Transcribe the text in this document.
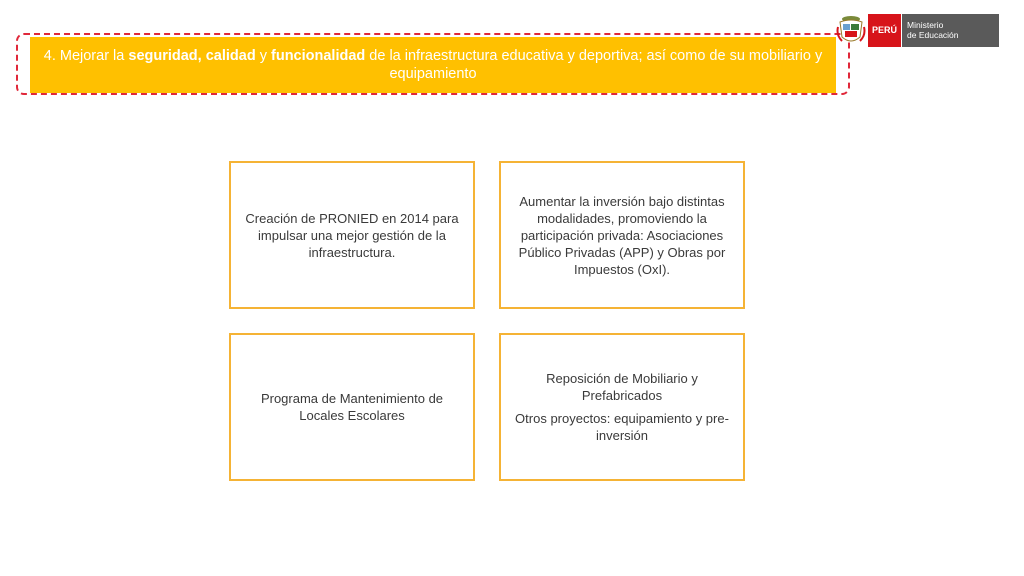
4. Mejorar la seguridad, calidad y funcionalidad de la infraestructura educativa y deportiva; así como de su mobiliario y equipamiento
PERÚ	Ministerio
de Educación

Creación de PRONIED en 2014 para impulsar una mejor gestión de la infraestructura.

Aumentar la inversión bajo distintas modalidades, promoviendo la participación privada: Asociaciones Público Privadas (APP) y Obras por Impuestos (OxI).

Programa de Mantenimiento de Locales Escolares

Reposición de Mobiliario y Prefabricados

Otros proyectos: equipamiento y pre-inversión
